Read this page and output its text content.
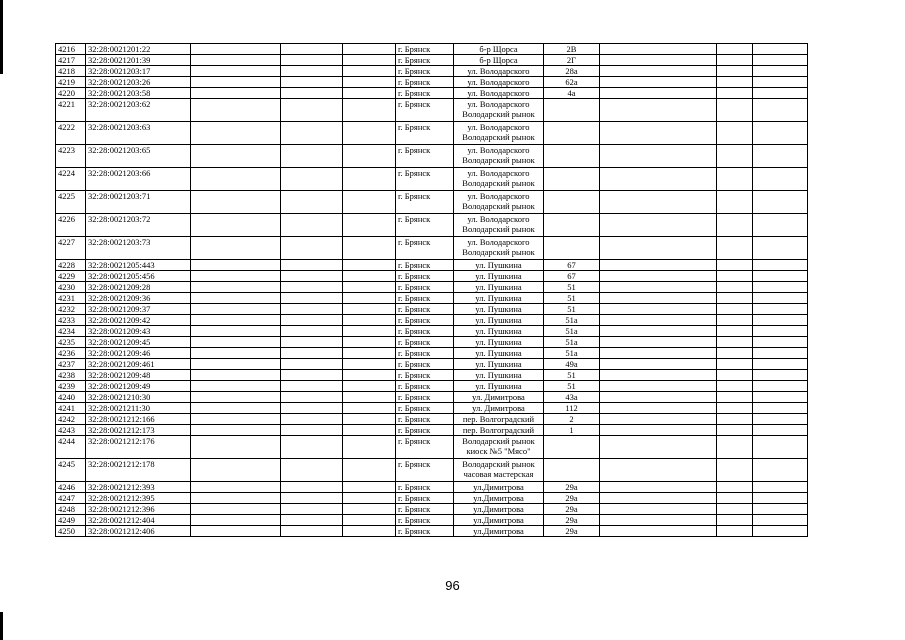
4216	32:28:0021201:22				г. Брянск	б-р Щорса	2В			
4217	32:28:0021201:39				г. Брянск	б-р Щорса	2Г			
4218	32:28:0021203:17				г. Брянск	ул. Володарского	28а			
4219	32:28:0021203:26				г. Брянск	ул. Володарского	62а			
4220	32:28:0021203:58				г. Брянск	ул. Володарского	4а			
4221	32:28:0021203:62				г. Брянск	ул. Володарского Володарский рынок				
4222	32:28:0021203:63				г. Брянск	ул. Володарского Володарский рынок				
4223	32:28:0021203:65				г. Брянск	ул. Володарского Володарский рынок				
4224	32:28:0021203:66				г. Брянск	ул. Володарского Володарский рынок				
4225	32:28:0021203:71				г. Брянск	ул. Володарского Володарский рынок				
4226	32:28:0021203:72				г. Брянск	ул. Володарского Володарский рынок				
4227	32:28:0021203:73				г. Брянск	ул. Володарского Володарский рынок				
4228	32:28:0021205:443				г. Брянск	ул. Пушкина	67			
4229	32:28:0021205:456				г. Брянск	ул. Пушкина	67			
4230	32:28:0021209:28				г. Брянск	ул. Пушкина	51			
4231	32:28:0021209:36				г. Брянск	ул. Пушкина	51			
4232	32:28:0021209:37				г. Брянск	ул. Пушкина	51			
4233	32:28:0021209:42				г. Брянск	ул. Пушкина	51а			
4234	32:28:0021209:43				г. Брянск	ул. Пушкина	51а			
4235	32:28:0021209:45				г. Брянск	ул. Пушкина	51а			
4236	32:28:0021209:46				г. Брянск	ул. Пушкина	51а			
4237	32:28:0021209:461				г. Брянск	ул. Пушкина	49а			
4238	32:28:0021209:48				г. Брянск	ул. Пушкина	51			
4239	32:28:0021209:49				г. Брянск	ул. Пушкина	51			
4240	32:28:0021210:30				г. Брянск	ул. Димитрова	43а			
4241	32:28:0021211:30				г. Брянск	ул. Димитрова	112			
4242	32:28:0021212:166				г. Брянск	пер. Волгоградский	2			
4243	32:28:0021212:173				г. Брянск	пер. Волгоградский	1			
4244	32:28:0021212:176				г. Брянск	Володарский рынок киоск №5 "Мясо"				
4245	32:28:0021212:178				г. Брянск	Володарский рынок часовая мастерская				
4246	32:28:0021212:393				г. Брянск	ул.Димитрова	29а			
4247	32:28:0021212:395				г. Брянск	ул.Димитрова	29а			
4248	32:28:0021212:396				г. Брянск	ул.Димитрова	29а			
4249	32:28:0021212:404				г. Брянск	ул.Димитрова	29а			
4250	32:28:0021212:406				г. Брянск	ул.Димитрова	29а			
96
